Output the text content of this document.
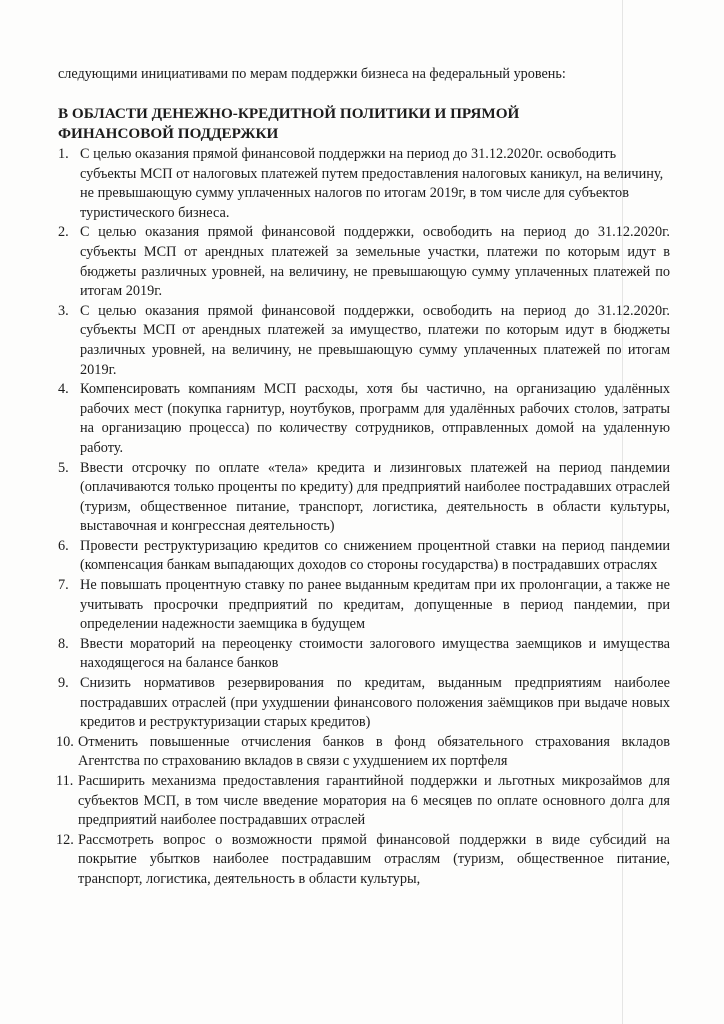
следующими инициативами по мерам поддержки бизнеса на федеральный уровень:
В ОБЛАСТИ ДЕНЕЖНО-КРЕДИТНОЙ ПОЛИТИКИ И ПРЯМОЙ ФИНАНСОВОЙ ПОДДЕРЖКИ
1. С целью оказания прямой финансовой поддержки на период до 31.12.2020г. освободить субъекты МСП от налоговых платежей путем предоставления налоговых каникул, на величину, не превышающую сумму уплаченных налогов по итогам 2019г, в том числе для субъектов туристического бизнеса.
2. С целью оказания прямой финансовой поддержки, освободить на период до 31.12.2020г. субъекты МСП от арендных платежей за земельные участки, платежи по которым идут в бюджеты различных уровней, на величину, не превышающую сумму уплаченных платежей по итогам 2019г.
3. С целью оказания прямой финансовой поддержки, освободить на период до 31.12.2020г. субъекты МСП от арендных платежей за имущество, платежи по которым идут в бюджеты различных уровней, на величину, не превышающую сумму уплаченных платежей по итогам 2019г.
4. Компенсировать компаниям МСП расходы, хотя бы частично, на организацию удалённых рабочих мест (покупка гарнитур, ноутбуков, программ для удалённых рабочих столов, затраты на организацию процесса) по количеству сотрудников, отправленных домой на удаленную работу.
5. Ввести отсрочку по оплате «тела» кредита и лизинговых платежей на период пандемии (оплачиваются только проценты по кредиту) для предприятий наиболее пострадавших отраслей (туризм, общественное питание, транспорт, логистика, деятельность в области культуры, выставочная и конгрессная деятельность)
6. Провести реструктуризацию кредитов со снижением процентной ставки на период пандемии (компенсация банкам выпадающих доходов со стороны государства) в пострадавших отраслях
7. Не повышать процентную ставку по ранее выданным кредитам при их пролонгации, а также не учитывать просрочки предприятий по кредитам, допущенные в период пандемии, при определении надежности заемщика в будущем
8. Ввести мораторий на переоценку стоимости залогового имущества заемщиков и имущества находящегося на балансе банков
9. Снизить нормативов резервирования по кредитам, выданным предприятиям наиболее пострадавших отраслей (при ухудшении финансового положения заёмщиков при выдаче новых кредитов и реструктуризации старых кредитов)
10. Отменить повышенные отчисления банков в фонд обязательного страхования вкладов Агентства по страхованию вкладов в связи с ухудшением их портфеля
11. Расширить механизма предоставления гарантийной поддержки и льготных микрозаймов для субъектов МСП, в том числе введение моратория на 6 месяцев по оплате основного долга для предприятий наиболее пострадавших отраслей
12. Рассмотреть вопрос о возможности прямой финансовой поддержки в виде субсидий на покрытие убытков наиболее пострадавшим отраслям (туризм, общественное питание, транспорт, логистика, деятельность в области культуры,
